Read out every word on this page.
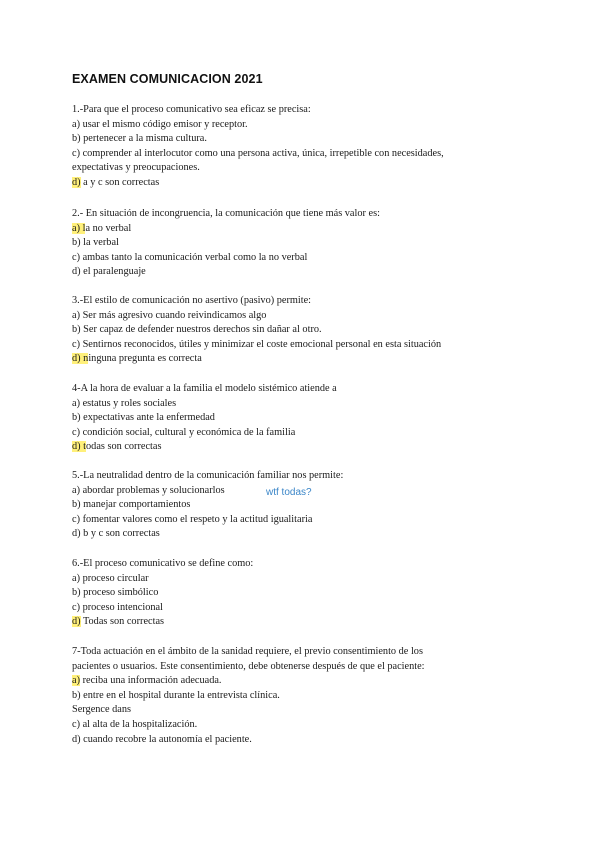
EXAMEN COMUNICACION 2021
1.-Para que el proceso comunicativo sea eficaz se precisa:
a) usar el mismo código emisor y receptor.
b) pertenecer a la misma cultura.
c) comprender al interlocutor como una persona activa, única, irrepetible con necesidades,
expectativas y preocupaciones.
d) a y c son correctas
2.- En situación de incongruencia, la comunicación que tiene más valor es:
a) la no verbal
b) la verbal
c) ambas tanto la comunicación verbal como la no verbal
d) el paralenguaje
3.-El estilo de comunicación no asertivo (pasivo) permite:
a) Ser más agresivo cuando reivindicamos algo
b) Ser capaz de defender nuestros derechos sin dañar al otro.
c) Sentirnos reconocidos, útiles y minimizar el coste emocional personal en esta situación
d) ninguna pregunta es correcta
4-A la hora de evaluar a la familia el modelo sistémico atiende a
a) estatus y roles sociales
b) expectativas ante la enfermedad
c) condición social, cultural y económica de la familia
d) todas son correctas
5.-La neutralidad dentro de la comunicación familiar nos permite:
a) abordar problemas y solucionarlos
b) manejar comportamientos
c) fomentar valores como el respeto y la actitud igualitaria
d) b y c son correctas
6.-El proceso comunicativo se define como:
a) proceso circular
b) proceso simbólico
c) proceso intencional
d) Todas son correctas
7-Toda actuación en el ámbito de la sanidad requiere, el previo consentimiento de los
pacientes o usuarios. Este consentimiento, debe obtenerse después de que el paciente:
a) reciba una información adecuada.
b) entre en el hospital durante la entrevista clínica.
Sergence dans
c) al alta de la hospitalización.
d) cuando recobre la autonomía el paciente.
wtf todas?
